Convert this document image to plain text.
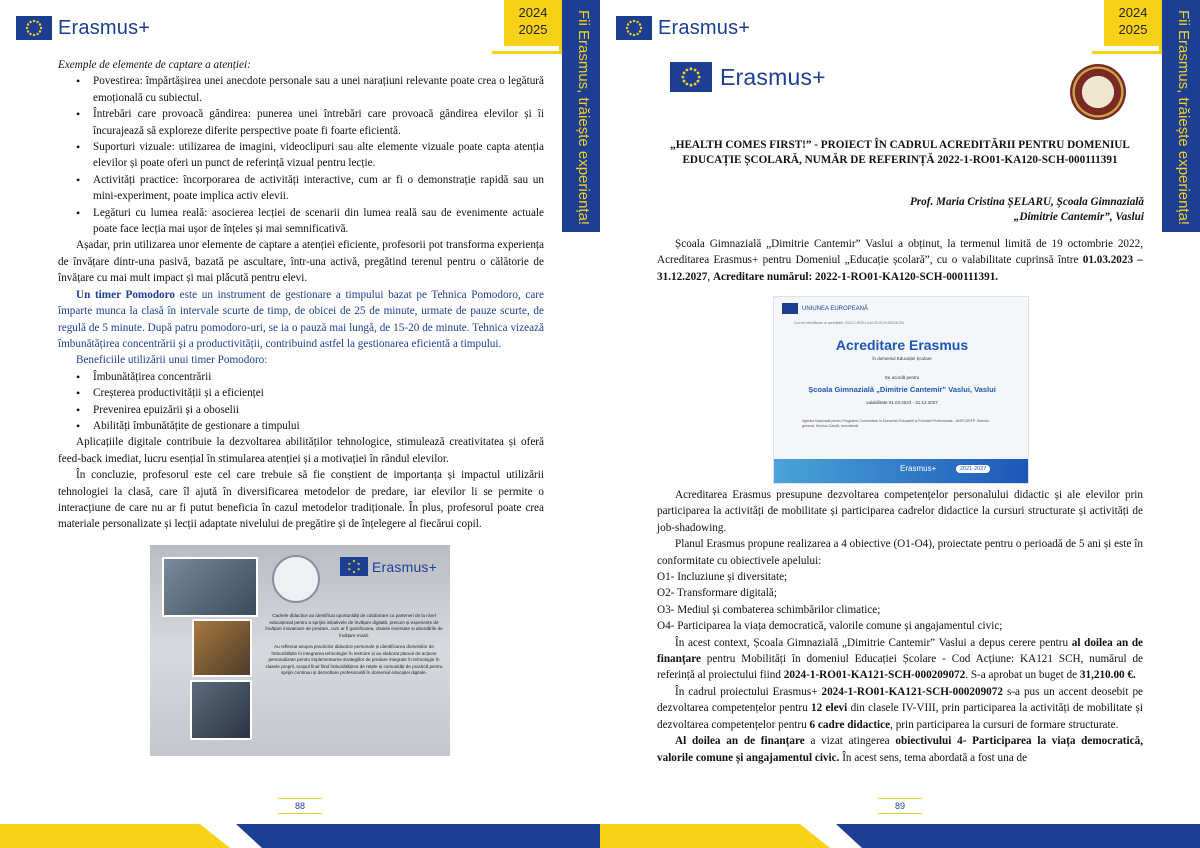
Erasmus+
2024
2025	Fii Erasmus, trăiește experiența!

Exemple de elemente de captare a atenției:

• Povestirea: împărtășirea unei anecdote personale sau a unei narațiuni relevante poate crea o legătură emoțională cu subiectul.
• Întrebări care provoacă gândirea: punerea unei întrebări care provoacă gândirea elevilor și îi încurajează să exploreze diferite perspective poate fi foarte eficientă.
• Suporturi vizuale: utilizarea de imagini, videoclipuri sau alte elemente vizuale poate capta atenția elevilor și poate oferi un punct de referință vizual pentru lecție.
• Activități practice: încorporarea de activități interactive, cum ar fi o demonstrație rapidă sau un mini-experiment, poate implica activ elevii.
• Legături cu lumea reală: asocierea lecției de scenarii din lumea reală sau de evenimente actuale poate face lecția mai ușor de înțeles și mai semnificativă.

Așadar, prin utilizarea unor elemente de captare a atenției eficiente, profesorii pot transforma experiența de învățare dintr-una pasivă, bazată pe ascultare, într-una activă, pregătind terenul pentru o călătorie de învățare cu mai mult impact și mai plăcută pentru elevi.

Un timer Pomodoro este un instrument de gestionare a timpului bazat pe Tehnica Pomodoro, care împarte munca la clasă în intervale scurte de timp, de obicei de 25 de minute, urmate de pauze scurte, de regulă de 5 minute. După patru pomodoro-uri, se ia o pauză mai lungă, de 15-20 de minute. Tehnica vizează îmbunătățirea concentrării și a productivității, contribuind astfel la gestionarea eficientă a timpului.

Beneficiile utilizării unui timer Pomodoro:

• Îmbunătățirea concentrării
• Creșterea productivității și a eficienței
• Prevenirea epuizării și a oboselii
• Abilități îmbunătățite de gestionare a timpului

Aplicațiile digitale contribuie la dezvoltarea abilităților tehnologice, stimulează creativitatea și oferă feed-back imediat, lucru esențial în stimularea atenției și a motivației în rândul elevilor.

În concluzie, profesorul este cel care trebuie să fie conștient de importanța și impactul utilizării tehnologiei la clasă, care îl ajută în diversificarea metodelor de predare, iar elevilor li se permite o interacțiune de care nu ar fi putut beneficia în cazul metodelor tradiționale. În plus, profesorul poate crea materiale personalizate și lecții adaptate nivelului de pregătire și de înțelegere al fiecărui copil.

Erasmus+

Cadrele didactice au identificat oportunități de colaborare cu parteneri de la nivel educațional pentru a sprijini inițiativele de învățare digitală, precum și experiențe de învățare inovatoare de predare, cum ar fi gamificarea, clasele inversate și abordările de învățare mixtă.

Au reflectat asupra practicilor didactice personale și identificarea domeniilor de îmbunătățire în integrarea tehnologiei în instruire și au elaborat planuri de acțiune personalizate pentru implementarea strategiilor de predare integrate în tehnologie în clasele proprii, scopul final fiind îmbunătățirea de rețele și comunități de practică pentru sprijin continuu și dezvoltare profesională în domeniul educației digitale.

88
Erasmus+
2024
2025	Fii Erasmus, trăiește experiența!
89
Erasmus+
„HEALTH COMES FIRST!” - PROIECT ÎN CADRUL ACREDITĂRII PENTRU DOMENIUL EDUCAȚIE ȘCOLARĂ, NUMĂR DE REFERINȚĂ 2022-1-RO01-KA120-SCH-000111391
Prof. Maria Cristina ȘELARU, Școala Gimnazială
„Dimitrie Cantemir”, Vaslui

Școala Gimnazială „Dimitrie Cantemir” Vaslui a obținut, la termenul limită de 19 octombrie 2022, Acreditarea Erasmus+ pentru Domeniul „Educație școlară”, cu o valabilitate cuprinsă între 01.03.2023 – 31.12.2027, Acreditare numărul: 2022-1-RO01-KA120-SCH-000111391.

UNIUNEA EUROPEANĂ
Cod de identificare al acreditării: 2022-1-RO01-KA120-SCH-000111391
Acreditare Erasmus
în domeniul Educației Școlare
Se acordă pentru
Școala Gimnazială „Dimitrie Cantemir” Vaslui, Vaslui
valabilitate 01.03.2023 - 31.12.2027
Agenția Națională pentru Programe Comunitare în Domeniul Educației și Formării Profesionale - ANPCDEFP. Director general. Monica Calotă, semnătură.
Erasmus+	2021-2027

Acreditarea Erasmus presupune dezvoltarea competențelor personalului didactic și ale elevilor prin participarea la activități de mobilitate și participarea cadrelor didactice la cursuri structurate și activități de job-shadowing.

Planul Erasmus propune realizarea a 4 obiective (O1-O4), proiectate pentru o perioadă de 5 ani și este în conformitate cu obiectivele apelului:

O1- Incluziune și diversitate;

O2- Transformare digitală;

O3- Mediul și combaterea schimbărilor climatice;

O4- Participarea la viața democratică, valorile comune și angajamentul civic;

În acest context, Școala Gimnazială „Dimitrie Cantemir” Vaslui a depus cerere pentru al doilea an de finanțare pentru Mobilități în domeniul Educației Școlare - Cod Acțiune: KA121 SCH, numărul de referință al proiectului fiind 2024-1-RO01-KA121-SCH-000209072. S-a aprobat un buget de 31,210.00 €.

În cadrul proiectului Erasmus+ 2024-1-RO01-KA121-SCH-000209072 s-a pus un accent deosebit pe dezvoltarea competențelor pentru 12 elevi din clasele IV-VIII, prin participarea la activități de mobilitate și dezvoltarea competențelor pentru 6 cadre didactice, prin participarea la cursuri de formare structurate.

Al doilea an de finanțare a vizat atingerea obiectivului 4- Participarea la viața democratică, valorile comune și angajamentul civic. În acest sens, tema abordată a fost una de
